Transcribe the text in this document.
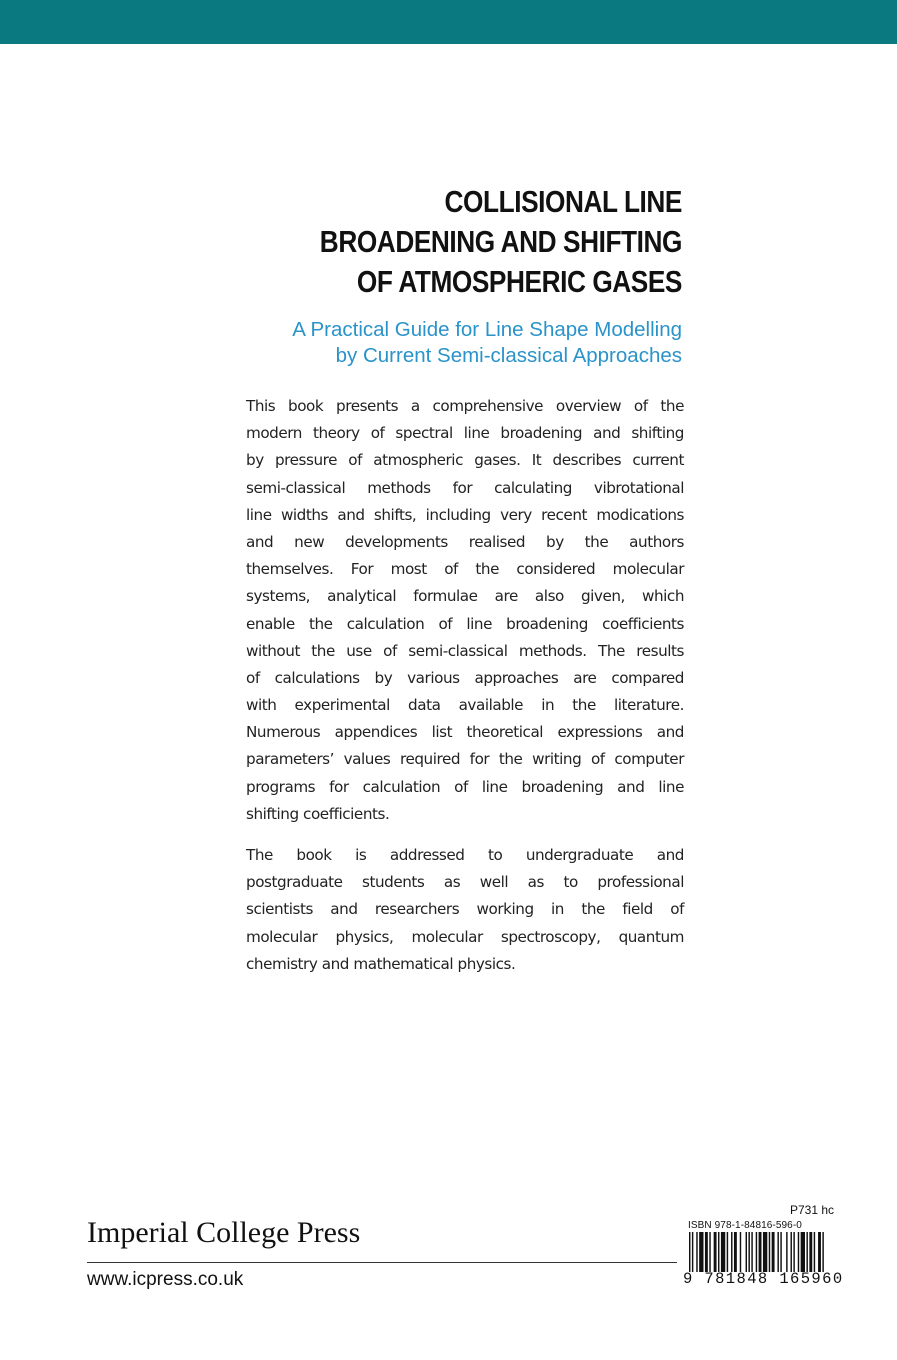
COLLISIONAL LINE
BROADENING AND SHIFTING
OF ATMOSPHERIC GASES
A Practical Guide for Line Shape Modelling
by Current Semi-classical Approaches
This book presents a comprehensive overview of the
modern theory of spectral line broadening and shifting
by pressure of atmospheric gases. It describes current
semi-classical methods for calculating vibrotational
line widths and shifts, including very recent modications
and new developments realised by the authors
themselves. For most of the considered molecular
systems, analytical formulae are also given, which
enable the calculation of line broadening coefficients
without the use of semi-classical methods. The results
of calculations by various approaches are compared
with experimental data available in the literature.
Numerous appendices list theoretical expressions and
parameters’ values required for the writing of computer
programs for calculation of line broadening and line
shifting coefficients.
The book is addressed to undergraduate and
postgraduate students as well as to professional
scientists and researchers working in the field of
molecular physics, molecular spectroscopy, quantum
chemistry and mathematical physics.
Imperial College Press
www.icpress.co.uk
P731 hc
ISBN 978-1-84816-596-0
9 781848 165960
